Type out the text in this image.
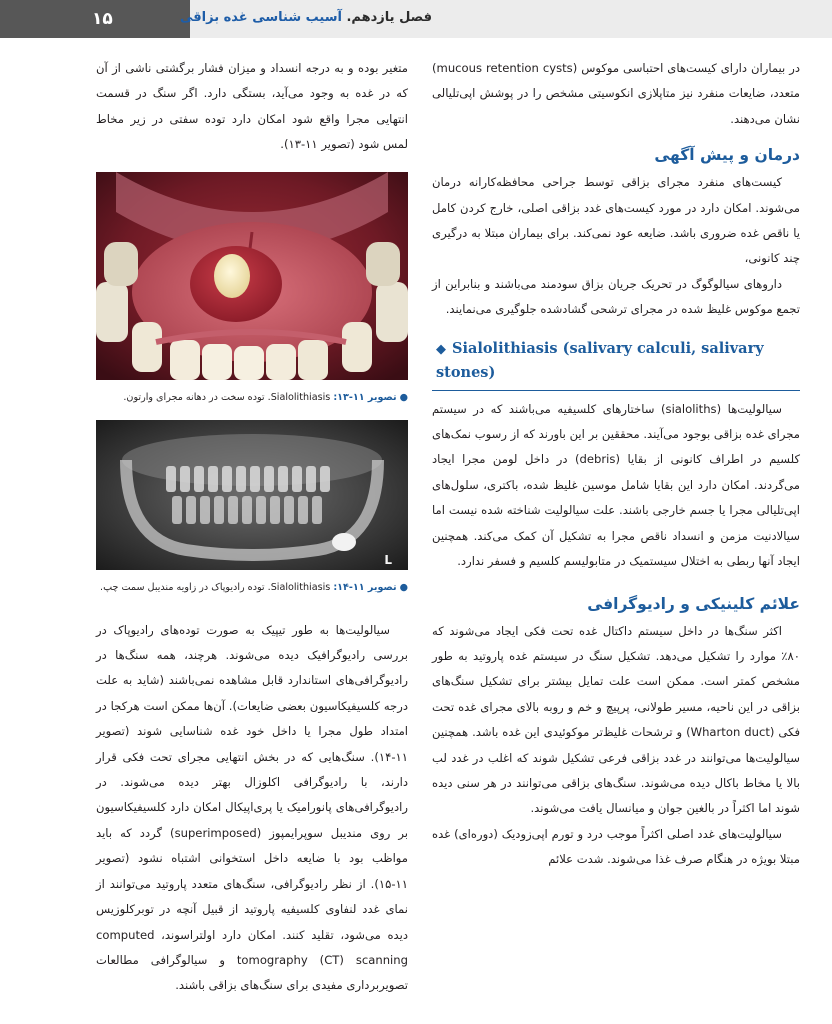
۱۵	فصل یازدهم. آسیب شناسی غده بزاقی

در بیماران دارای کیست‌های احتباسی موکوس (mucous retention cysts) متعدد، ضایعات منفرد نیز متاپلازی انکوسیتی مشخص را در پوشش اپی‌تلیالی نشان می‌دهند.

درمان و پیش آگهی

کیست‌های منفرد مجرای بزاقی توسط جراحی محافظه‌کارانه درمان می‌شوند. امکان دارد در مورد کیست‌های غدد بزاقی اصلی، خارج کردن کامل یا ناقص غده ضروری باشد. ضایعه عود نمی‌کند. برای بیماران مبتلا به درگیری چند کانونی،

داروهای سیالوگوگ در تحریک جریان بزاق سودمند می‌باشند و بنابراین از تجمع موکوس غلیظ شده در مجرای ترشحی گشادشده جلوگیری می‌نمایند.

◆ Sialolithiasis (salivary calculi, salivary stones)

سیالولیت‌ها (sialoliths) ساختارهای کلسیفیه می‌باشند که در سیستم مجرای غده بزاقی بوجود می‌آیند. محققین بر این باورند که از رسوب نمک‌های کلسیم در اطراف کانونی از بقایا (debris) در داخل لومن مجرا ایجاد می‌گردند. امکان دارد این بقایا شامل موسین غلیظ شده، باکتری، سلول‌های اپی‌تلیالی مجرا یا جسم خارجی باشند. علت سیالولیت شناخته شده نیست اما سیالادنیت مزمن و انسداد ناقص مجرا به تشکیل آن کمک می‌کند. همچنین ایجاد آنها ربطی به اختلال سیستمیک در متابولیسم کلسیم و فسفر ندارد.

علائم کلینیکی و رادیوگرافی

اکثر سنگ‌ها در داخل سیستم داکتال غده تحت فکی ایجاد می‌شوند که ۸۰٪ موارد را تشکیل می‌دهد. تشکیل سنگ در سیستم غده پاروتید به طور مشخص کمتر است. ممکن است علت تمایل بیشتر برای تشکیل سنگ‌های بزاقی در این ناحیه، مسیر طولانی، پرپیچ و خم و روبه بالای مجرای غده تحت فکی (Wharton duct) و ترشحات غلیظ‌تر موکوئیدی این غده باشد. همچنین سیالولیت‌ها می‌توانند در غدد بزاقی فرعی تشکیل شوند که اغلب در غدد لب بالا یا مخاط باکال دیده می‌شوند. سنگ‌های بزاقی می‌توانند در هر سنی دیده شوند اما اکثراً در بالغین جوان و میانسال یافت می‌شوند.

سیالولیت‌های غدد اصلی اکثراً موجب درد و تورم اپی‌زودیک (دوره‌ای) غده مبتلا بویژه در هنگام صرف غذا می‌شوند. شدت علائم

متغیر بوده و به درجه انسداد و میزان فشار برگشتی ناشی از آن که در غده به وجود می‌آید، بستگی دارد. اگر سنگ در قسمت انتهایی مجرا واقع شود امکان دارد توده سفتی در زیر مخاط لمس شود (تصویر ۱۱-۱۳).

● تصویر ۱۱-۱۳: Sialolithiasis. توده سخت در دهانه مجرای وارتون.
L
● تصویر ۱۱-۱۴: Sialolithiasis. توده رادیوپاک در زاویه مندیبل سمت چپ.

سیالولیت‌ها به طور تیپیک به صورت توده‌های رادیوپاک در بررسی رادیوگرافیک دیده می‌شوند. هرچند، همه سنگ‌ها در رادیوگرافی‌های استاندارد قابل مشاهده نمی‌باشند (شاید به علت درجه کلسیفیکاسیون بعضی ضایعات). آن‌ها ممکن است هرکجا در امتداد طول مجرا یا داخل خود غده شناسایی شوند (تصویر ۱۱-۱۴). سنگ‌هایی که در بخش انتهایی مجرای تحت فکی قرار دارند، با رادیوگرافی اکلوزال بهتر دیده می‌شوند. در رادیوگرافی‌های پانورامیک یا پری‌اپیکال امکان دارد کلسیفیکاسیون بر روی مندیبل سوپرایمپوز (superimposed) گردد که باید مواظب بود با ضایعه داخل استخوانی اشتباه نشود (تصویر ۱۱-۱۵). از نظر رادیوگرافی، سنگ‌های متعدد پاروتید می‌توانند از نمای غدد لنفاوی کلسیفیه پاروتید از قبیل آنچه در توبرکلوزیس دیده می‌شود، تقلید کنند. امکان دارد اولتراسوند، computed tomography (CT) scanning و سیالوگرافی مطالعات تصویربرداری مفیدی برای سنگ‌های بزاقی باشند.
